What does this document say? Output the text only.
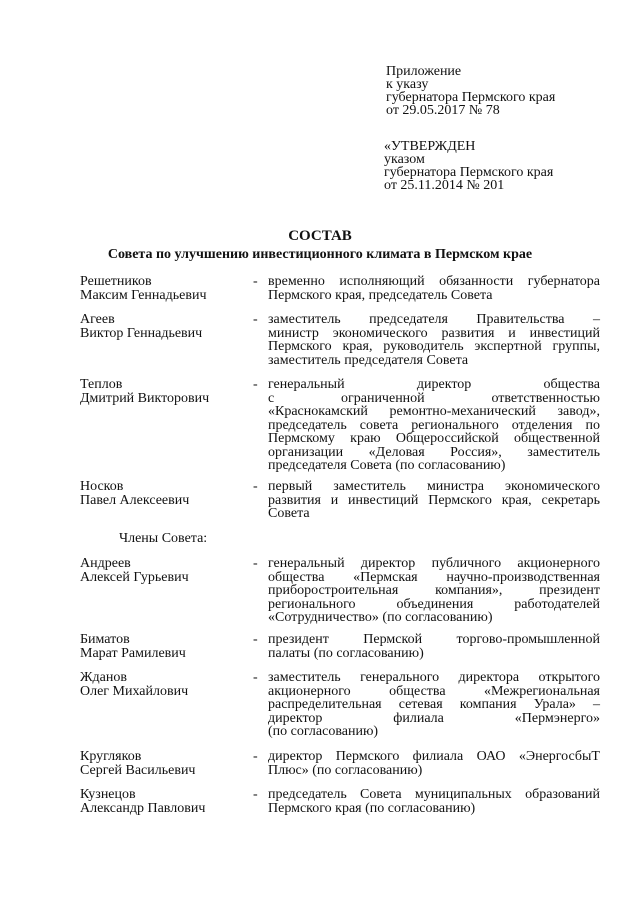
Приложение
к указу
губернатора Пермского края
от 29.05.2017 № 78
«УТВЕРЖДЕН
указом
губернатора Пермского края
от 25.11.2014 № 201
СОСТАВ
Совета по улучшению инвестиционного климата в Пермском крае
Решетников
Максим Геннадьевич
- временно исполняющий обязанности губернатора
Пермского края, председатель Совета
Агеев
Виктор Геннадьевич
- заместитель председателя Правительства –
министр экономического развития и инвестиций
Пермского края, руководитель экспертной группы,
заместитель председателя Совета
Теплов
Дмитрий Викторович
- генеральный директор общества
с ограниченной ответственностью
«Краснокамский ремонтно-механический завод»,
председатель совета регионального отделения по
Пермскому краю Общероссийской общественной
организации «Деловая Россия», заместитель
председателя Совета (по согласованию)
Носков
Павел Алексеевич
- первый заместитель министра экономического
развития и инвестиций Пермского края, секретарь
Совета
Члены Совета:
Андреев
Алексей Гурьевич
- генеральный директор публичного акционерного
общества «Пермская научно-производственная
приборостроительная компания», президент
регионального объединения работодателей
«Сотрудничество» (по согласованию)
Биматов
Марат Рамилевич
- президент Пермской торгово-промышленной
палаты (по согласованию)
Жданов
Олег Михайлович
- заместитель генерального директора открытого
акционерного общества «Межрегиональная
распределительная сетевая компания Урала» –
директор филиала «Пермэнерго»
(по согласованию)
Кругляков
Сергей Васильевич
- директор Пермского филиала ОАО «ЭнергосбыТ
Плюс» (по согласованию)
Кузнецов
Александр Павлович
- председатель Совета муниципальных образований
Пермского края (по согласованию)
